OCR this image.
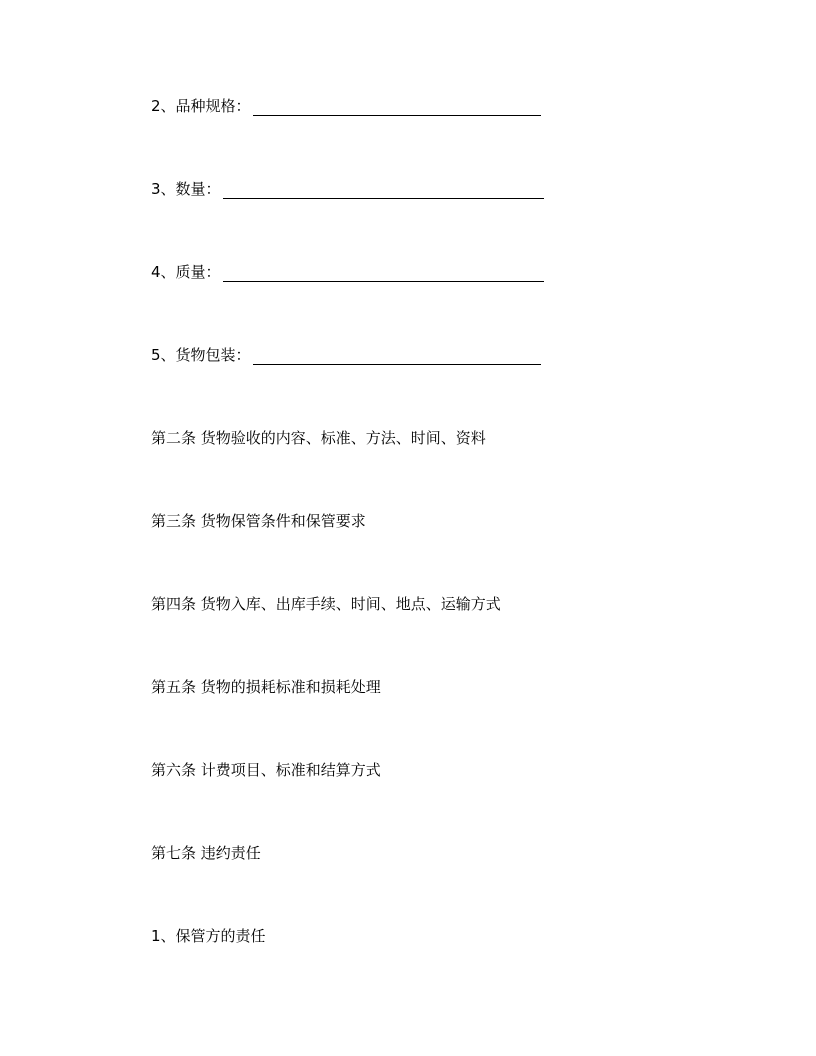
2、品种规格：
3、数量：
4、质量：
5、货物包装：
第二条 货物验收的内容、标准、方法、时间、资料
第三条 货物保管条件和保管要求
第四条 货物入库、出库手续、时间、地点、运输方式
第五条 货物的损耗标准和损耗处理
第六条 计费项目、标准和结算方式
第七条 违约责任
1、保管方的责任
